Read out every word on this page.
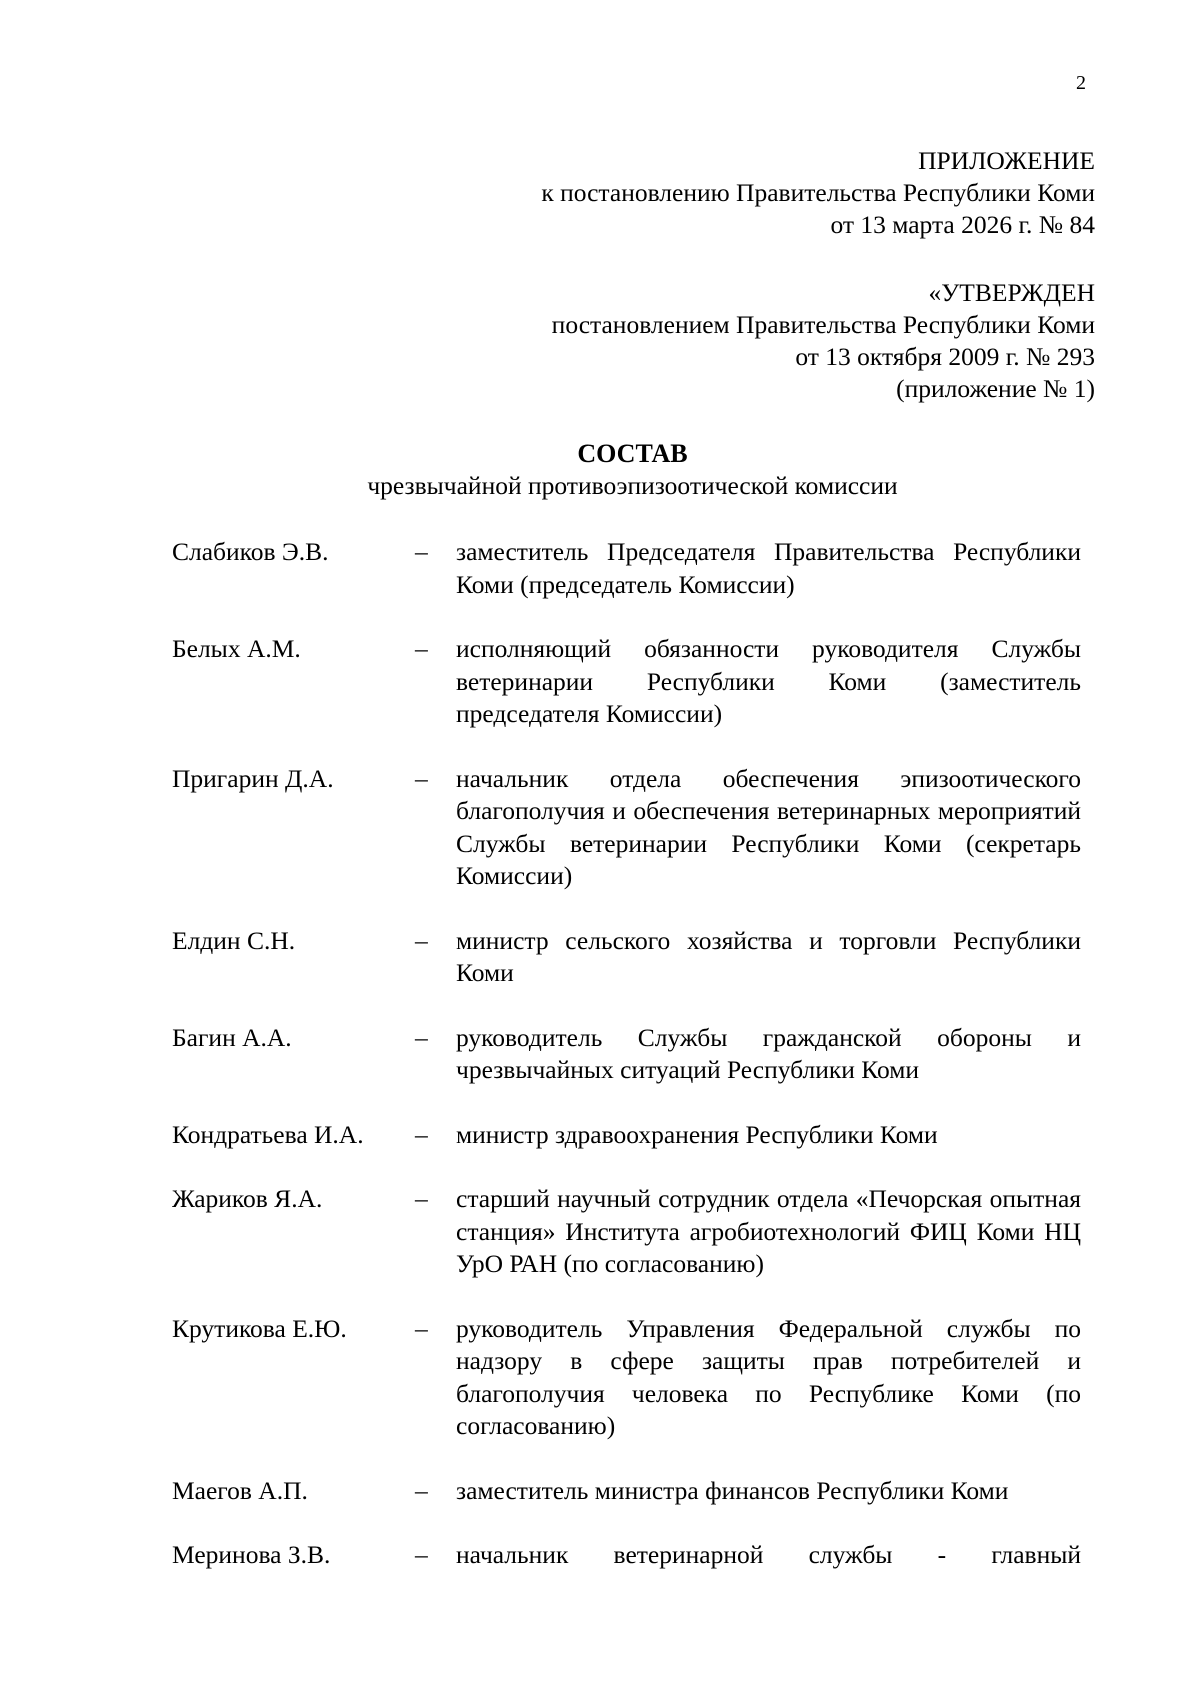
2
ПРИЛОЖЕНИЕ
к постановлению Правительства Республики Коми
от 13 марта 2026 г. № 84
«УТВЕРЖДЕН
постановлением Правительства Республики Коми
от 13 октября 2009 г. № 293
(приложение № 1)
СОСТАВ
чрезвычайной противоэпизоотической комиссии
Слабиков Э.В.	– заместитель Председателя Правительства Республики Коми (председатель Комиссии)
Белых А.М.	– исполняющий обязанности руководителя Службы ветеринарии Республики Коми (заместитель председателя Комиссии)
Пригарин Д.А.	– начальник отдела обеспечения эпизоотического благополучия и обеспечения ветеринарных мероприятий Службы ветеринарии Республики Коми (секретарь Комиссии)
Елдин С.Н.	– министр сельского хозяйства и торговли Республики Коми
Багин А.А.	– руководитель Службы гражданской обороны и чрезвычайных ситуаций Республики Коми
Кондратьева И.А. – министр здравоохранения Республики Коми
Жариков Я.А.	– старший научный сотрудник отдела «Печорская опытная станция» Института агробиотехнологий ФИЦ Коми НЦ УрО РАН (по согласованию)
Крутикова Е.Ю.	– руководитель Управления Федеральной службы по надзору в сфере защиты прав потребителей и благополучия человека по Республике Коми (по согласованию)
Маегов А.П.	– заместитель министра финансов Республики Коми
Меринова З.В.	– начальник ветеринарной службы - главный
